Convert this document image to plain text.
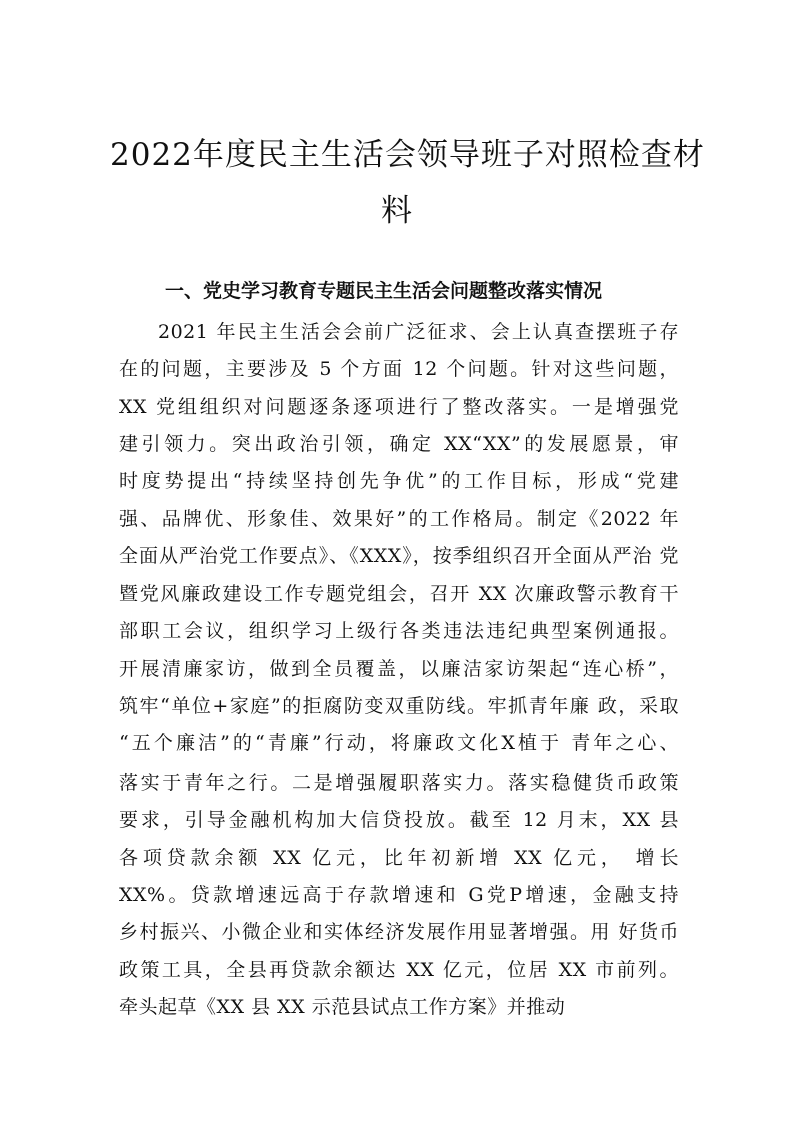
2022年度民主生活会领导班子对照检查材
料
一、党史学习教育专题民主生活会问题整改落实情况
2021 年民主生活会会前广泛征求、会上认真查摆班子存
在的问题，主要涉及 5 个方面 12 个问题。针对这些问题，
XX 党组组织对问题逐条逐项进行了整改落实。一是增强党
建引领力。突出政治引领，确定 XX“XX”的发展愿景，审
时度势提出“持续坚持创先争优”的工作目标，形成“党建
强、品牌优、形象佳、效果好”的工作格局。制定《2022 年
全面从严治党工作要点》、《XXX》，按季组织召开全面从严治 党
暨党风廉政建设工作专题党组会，召开 XX 次廉政警示教育干
部职工会议，组织学习上级行各类违法违纪典型案例通报。
开展清廉家访，做到全员覆盖，以廉洁家访架起“连心桥”，
筑牢“单位+家庭”的拒腐防变双重防线。牢抓青年廉 政，采取
“五个廉洁”的“青廉”行动，将廉政文化X植于 青年之心、
落实于青年之行。二是增强履职落实力。落实稳健货币政策
要求，引导金融机构加大信贷投放。截至 12 月末，XX 县
各项贷款余额 XX 亿元，比年初新增 XX 亿元， 增长
XX%。贷款增速远高于存款增速和 G党P增速，金融支持
乡村振兴、小微企业和实体经济发展作用显著增强。用 好货币
政策工具，全县再贷款余额达 XX 亿元，位居 XX 市前列。
牵头起草《XX 县 XX 示范县试点工作方案》并推动
